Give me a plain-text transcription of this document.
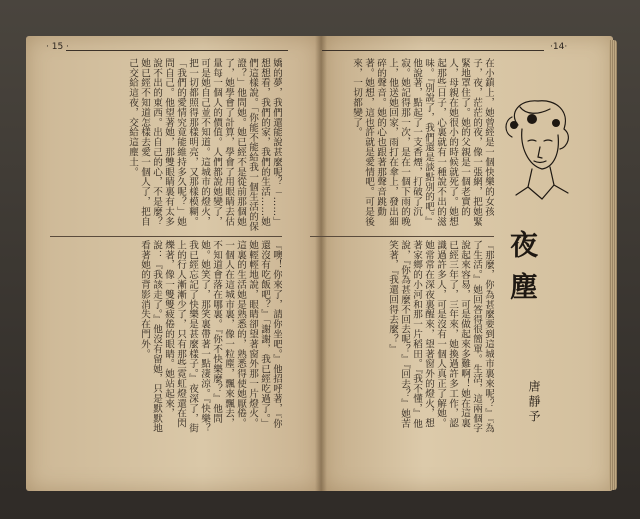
· 15 ·	·14·
嬌的夢，我們還能說甚麼呢？「……」想想看，我們的家，我們的生活……她們這樣說。「你能不能給我一個生活的保證？」他問她。她已經不是從前那個她了，她學會了計算，學會了用眼睛去估量每一個人的價值。人們都說她變了，可是她自己並不知道。這城市的燈火，把一切都照得那樣明亮，又那樣模糊。「我們的愛情究竟能維持多久呢？」她問自己。他望著她，那雙眼睛裏有太多說不出的東西。出自己的心，不是麼？她已經不知道怎樣去愛一個人了，把自己交給這夜，交給這塵土。
『噢！你來了，請你坐吧。』他招呼著，『你還沒有吃飯吧？』「謝謝，我已經吃過了。」她輕輕地說，眼睛卻望著窗外那一片燈火。這裏的生活她是熟悉的，熟悉得使她厭倦。一個人在這城市裏，像一粒塵，飄來飄去，不知道會落在哪裏。『你不快樂麼？』他問她。她笑了，那笑裏帶著一點淒涼。『快樂？我已經忘記了快樂是甚麼樣子。』夜深了，街上的行人漸漸少了，只有那些霓虹燈還在閃爍著，像一雙雙疲倦的眼睛。她站起來，說：『我該走了。』他沒有留她，只是默默地看著她的背影消失在門外。
在小鎮上，她曾經是一個快樂的女孩子，夜，茫茫的夜，像一張網，把她緊緊地罩住了。她的父親是一個老實的人，母親在她很小的時候就死了。她想起那些日子，心裏就有一種說不出的滋味。『別說了，我們還是談點別的吧。』他說著，點起了一支香煙，打破了沉寂。她記得那一次，是在一個下雨的晚上，他送她回家，雨打在傘上，發出細碎的聲音。她的心也跟著那聲音跳動著。她想，這也許就是愛情吧。可是後來，一切都變了。
『那麼，你為甚麼要到這城市裏來呢？』『為了生活。』她回答得很簡單。生活，這兩個字說起來容易，可是做起來多難啊！她在這裏已經三年了，三年來，她換過許多工作，認識過許多人，可是沒有一個人真正了解她。她常常在深夜裏醒來，望著窗外的燈火，想著家鄉的小河和那一片稻田。『我不懂，』他說，『你為甚麼不回去呢？』『回去？』她苦笑著，『我還回得去麼？』	夜塵
唐靜予
